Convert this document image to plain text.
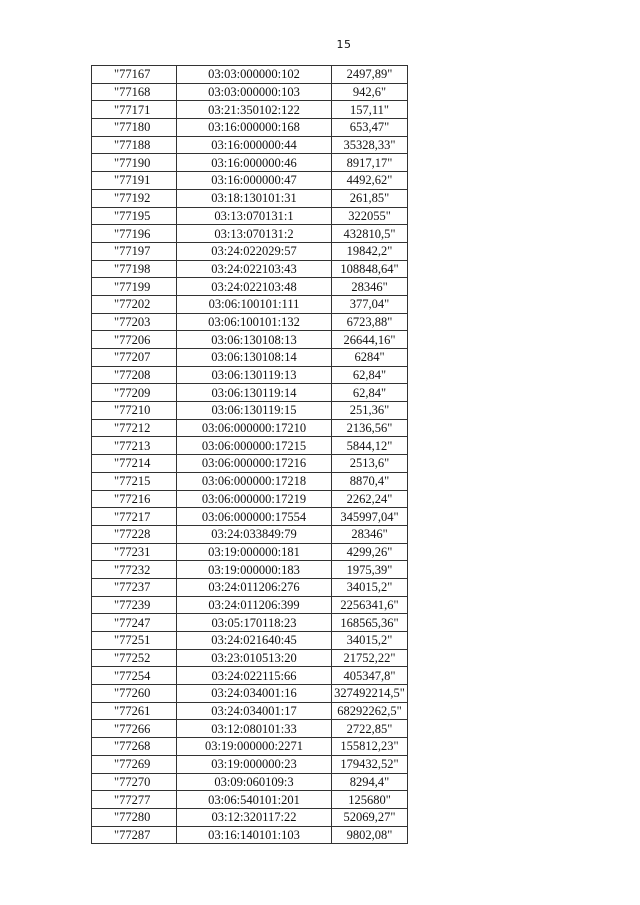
15
"77167	03:03:000000:102	2497,89"
"77168	03:03:000000:103	942,6"
"77171	03:21:350102:122	157,11"
"77180	03:16:000000:168	653,47"
"77188	03:16:000000:44	35328,33"
"77190	03:16:000000:46	8917,17"
"77191	03:16:000000:47	4492,62"
"77192	03:18:130101:31	261,85"
"77195	03:13:070131:1	322055"
"77196	03:13:070131:2	432810,5"
"77197	03:24:022029:57	19842,2"
"77198	03:24:022103:43	108848,64"
"77199	03:24:022103:48	28346"
"77202	03:06:100101:111	377,04"
"77203	03:06:100101:132	6723,88"
"77206	03:06:130108:13	26644,16"
"77207	03:06:130108:14	6284"
"77208	03:06:130119:13	62,84"
"77209	03:06:130119:14	62,84"
"77210	03:06:130119:15	251,36"
"77212	03:06:000000:17210	2136,56"
"77213	03:06:000000:17215	5844,12"
"77214	03:06:000000:17216	2513,6"
"77215	03:06:000000:17218	8870,4"
"77216	03:06:000000:17219	2262,24"
"77217	03:06:000000:17554	345997,04"
"77228	03:24:033849:79	28346"
"77231	03:19:000000:181	4299,26"
"77232	03:19:000000:183	1975,39"
"77237	03:24:011206:276	34015,2"
"77239	03:24:011206:399	2256341,6"
"77247	03:05:170118:23	168565,36"
"77251	03:24:021640:45	34015,2"
"77252	03:23:010513:20	21752,22"
"77254	03:24:022115:66	405347,8"
"77260	03:24:034001:16	327492214,5"
"77261	03:24:034001:17	68292262,5"
"77266	03:12:080101:33	2722,85"
"77268	03:19:000000:2271	155812,23"
"77269	03:19:000000:23	179432,52"
"77270	03:09:060109:3	8294,4"
"77277	03:06:540101:201	125680"
"77280	03:12:320117:22	52069,27"
"77287	03:16:140101:103	9802,08"
